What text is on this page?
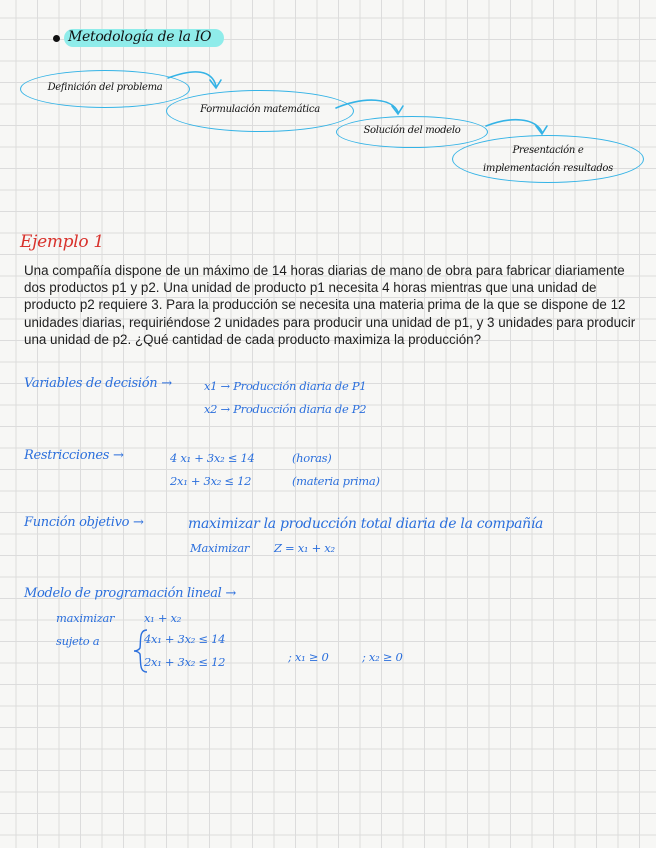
Metodología de la IO
Definición del problema
Formulación matemática
Solución del modelo
Presentación e
implementación resultados
Ejemplo 1
Una compañía dispone de un máximo de 14 horas diarias de mano de obra para fabricar diariamente dos productos p1 y p2. Una unidad de producto p1 necesita 4 horas mientras que una unidad de producto p2 requiere 3. Para la producción se necesita una materia prima de la que se dispone de 12 unidades diarias, requiriéndose 2 unidades para producir una unidad de p1, y 3 unidades para producir una unidad de p2. ¿Qué cantidad de cada producto maximiza la producción?
Variables de decisión →	x1 → Producción diaria de P1
x2 → Producción diaria de P2
Restricciones →	4 x₁ + 3x₂ ≤ 14	(horas)
2x₁ + 3x₂ ≤ 12	(materia prima)
Función objetivo →	maximizar la producción total diaria de la compañía
Maximizar Z = x₁ + x₂
Modelo de programación lineal →
maximizar	x₁ + x₂
sujeto a	4x₁ + 3x₂ ≤ 14
2x₁ + 3x₂ ≤ 12	; x₁ ≥ 0	; x₂ ≥ 0
